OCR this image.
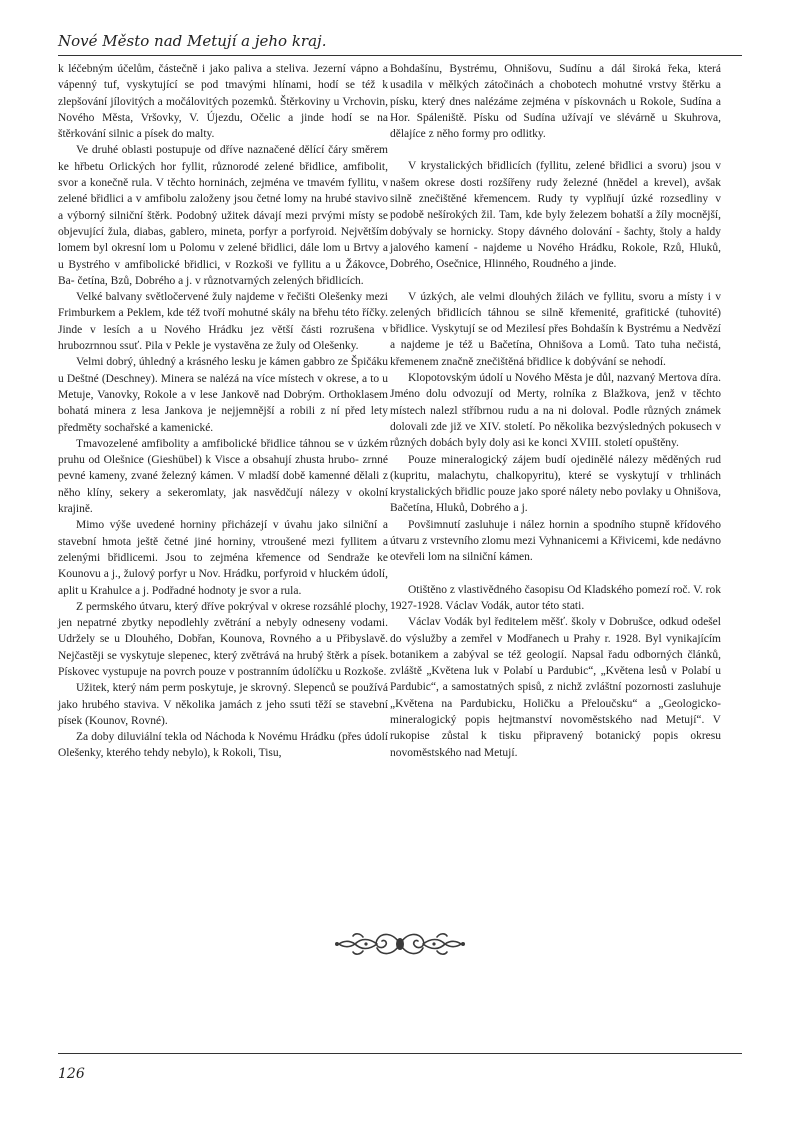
Nové Město nad Metují a jeho kraj.

k léčebným účelům, částečně i jako paliva a steliva. Jezerní vápno a vápenný tuf, vyskytující se pod tmavými hlínami, hodí se též k zlepšování jílovitých a močálovitých pozemků. Štěrkoviny u Vrchovin, Nového Města, Vršovky, V. Újezdu, Očelic a jinde hodí se na štěrkování silnic a písek do malty.

Ve druhé oblasti postupuje od dříve naznačené dělící čáry směrem ke hřbetu Orlických hor fyllit, různorodé zelené břidlice, amfibolit, svor a konečně rula. V těchto horninách, zejména ve tmavém fyllitu, v zelené břidlici a v amfibolu založeny jsou četné lomy na hrubé stavivo a výborný silniční štěrk. Podobný užitek dávají mezi prvými místy se objevující žula, diabas, gablero, mineta, porfyr a porfyroid. Největším lomem byl okresní lom u Polomu v zelené břidlici, dále lom u Brtvy a u Bystrého v amfibolické břidlici, v Rozkoši ve fyllitu a u Žákovce, Ba- četína, Bzů, Dobrého a j. v různotvarných zelených břidlicích.

Velké balvany světločervené žuly najdeme v řečišti Olešenky mezi Frimburkem a Peklem, kde též tvoří mohutné skály na břehu této říčky. Jinde v lesích a u Nového Hrádku jez větší části rozrušena v hrubozrnnou ssuť. Pila v Pekle je vystavěna ze žuly od Olešenky.

Velmi dobrý, úhledný a krásného lesku je kámen gabbro ze Špičáku u Deštné (Deschney). Minera se nalézá na více místech v okrese, a to u Metuje, Vanovky, Rokole a v lese Jankově nad Dobrým. Orthoklasem bohatá minera z lesa Jankova je nejjemnější a robili z ní před lety předměty sochařské a kamenické.

Tmavozelené amfibolity a amfibolické břidlice táhnou se v úzkém pruhu od Olešnice (Gieshübel) k Visce a obsahují zhusta hrubo- zrnné pevné kameny, zvané železný kámen. V mladší době kamenné dělali z něho klíny, sekery a sekeromlaty, jak nasvědčují nálezy v okolní krajině.

Mimo výše uvedené horniny přicházejí v úvahu jako silniční a stavební hmota ještě četné jiné horniny, vtroušené mezi fyllitem a zelenými břidlicemi. Jsou to zejména křemence od Sendraže ke Kounovu a j., žulový porfyr u Nov. Hrádku, porfyroid v hluckém údolí, aplit u Krahulce a j. Podřadné hodnoty je svor a rula.

Z permského útvaru, který dříve pokrýval v okrese rozsáhlé plochy, jen nepatrné zbytky nepodlehly zvětrání a nebyly odneseny vodami. Udržely se u Dlouhého, Dobřan, Kounova, Rovného a u Přibyslavě. Nejčastěji se vyskytuje slepenec, který zvětrává na hrubý štěrk a písek. Pískovec vystupuje na povrch pouze v postranním údolíčku u Rozkoše.

Užitek, který nám perm poskytuje, je skrovný. Slepenců se používá jako hrubého staviva. V několika jamách z jeho ssuti těží se stavební písek (Kounov, Rovné).

Za doby diluviální tekla od Náchoda k Novému Hrádku (přes údolí Olešenky, kterého tehdy nebylo), k Rokoli, Tisu,

Bohdašínu, Bystrému, Ohnišovu, Sudínu a dál široká řeka, která usadila v mělkých zátočinách a chobotech mohutné vrstvy štěrku a písku, který dnes nalézáme zejména v pískovnách u Rokole, Sudína a Hor. Spáleniště. Písku od Sudína užívají ve slévárně u Skuhrova, dělajíce z něho formy pro odlitky.

V krystalických břidlicích (fyllitu, zelené břidlici a svoru) jsou v našem okrese dosti rozšířeny rudy železné (hnědel a krevel), avšak silně znečištěné křemencem. Rudy ty vyplňují úzké rozsedliny v podobě nešírokých žil. Tam, kde byly železem bohatší a žíly mocnější, dobývaly se hornicky. Stopy dávného dolování - šachty, štoly a haldy jalového kamení - najdeme u Nového Hrádku, Rokole, Rzů, Hluků, Dobrého, Osečnice, Hlinného, Roudného a jinde.

V úzkých, ale velmi dlouhých žilách ve fyllitu, svoru a místy i v zelených břidlicích táhnou se silně křemenité, grafitické (tuhovité) břidlice. Vyskytují se od Mezilesí přes Bohdašín k Bystrému a Nedvězí a najdeme je též u Bačetína, Ohnišova a Lomů. Tato tuha nečistá, křemenem značně znečištěná břidlice k dobývání se nehodí.

Klopotovským údolí u Nového Města je důl, nazvaný Mertova díra. Jméno dolu odvozují od Merty, rolníka z Blažkova, jenž v těchto místech nalezl stříbrnou rudu a na ni doloval. Podle různých známek dolovali zde již ve XIV. století. Po několika bezvýsledných pokusech v různých dobách byly doly asi ke konci XVIII. století opuštěny.

Pouze mineralogický zájem budí ojedinělé nálezy měděných rud (kupritu, malachytu, chalkopyritu), které se vyskytují v trhlinách krystalických břidlic pouze jako sporé nálety nebo povlaky u Ohnišova, Bačetína, Hluků, Dobrého a j.

Povšimnutí zasluhuje i nález hornin a spodního stupně křídového útvaru z vrstevního zlomu mezi Vyhnanicemi a Křivicemi, kde nedávno otevřeli lom na silniční kámen.

Otištěno z vlastivědného časopisu Od Kladského pomezí roč. V. rok 1927-1928. Václav Vodák, autor této stati.

Václav Vodák byl ředitelem měšť. školy v Dobrušce, odkud odešel do výslužby a zemřel v Modřanech u Prahy r. 1928. Byl vynikajícím botanikem a zabýval se též geologií. Napsal řadu odborných článků, zvláště „Květena luk v Polabí u Pardubic“, „Květena lesů v Polabí u Pardubic“, a samostatných spisů, z nichž zvláštní pozornosti zasluhuje „Květena na Pardubicku, Holičku a Přeloučsku“ a „Geologicko-mineralogický popis hejtmanství novoměstského nad Metují“. V rukopise zůstal k tisku připravený botanický popis okresu novoměstského nad Metují.

126
